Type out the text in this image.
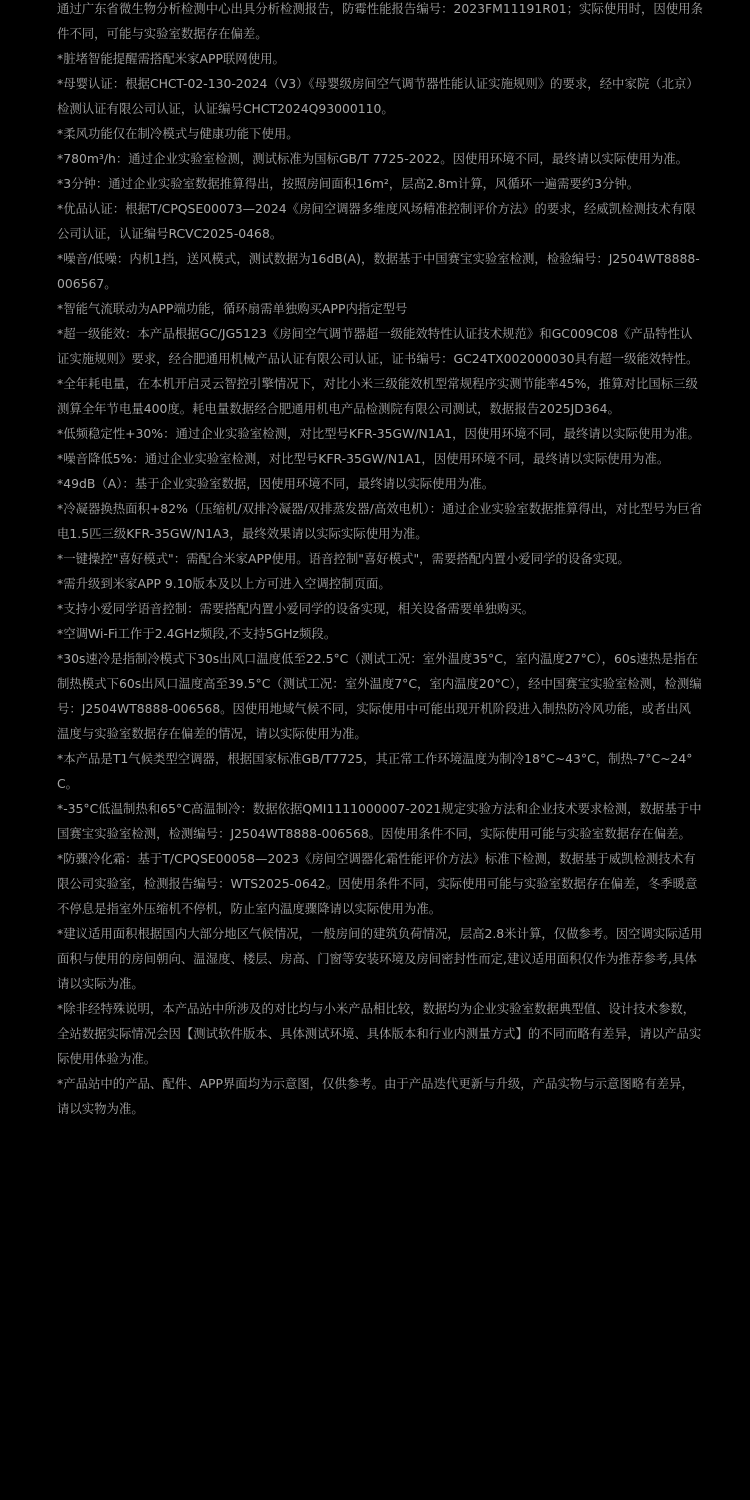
通过广东省微生物分析检测中心出具分析检测报告，防霉性能报告编号：2023FM11191R01；实际使用时，因使用条件不同，可能与实验室数据存在偏差。

*脏堵智能提醒需搭配米家APP联网使用。

*母婴认证：根据CHCT-02-130-2024（V3）《母婴级房间空气调节器性能认证实施规则》的要求，经中家院（北京）检测认证有限公司认证，认证编号CHCT2024Q93000110。

*柔风功能仅在制冷模式与健康功能下使用。

*780m³/h：通过企业实验室检测，测试标准为国标GB/T 7725-2022。因使用环境不同，最终请以实际使用为准。

*3分钟：通过企业实验室数据推算得出，按照房间面积16m²，层高2.8m计算，风循环一遍需要约3分钟。

*优品认证：根据T/CPQSE00073—2024《房间空调器多维度风场精准控制评价方法》的要求，经威凯检测技术有限公司认证，认证编号RCVC2025-0468。

*噪音/低噪：内机1挡，送风模式，测试数据为16dB(A)，数据基于中国赛宝实验室检测，检验编号：J2504WT8888-006567。

*智能气流联动为APP端功能，循环扇需单独购买APP内指定型号

*超一级能效：本产品根据GC/JG5123《房间空气调节器超一级能效特性认证技术规范》和GC009C08《产品特性认证实施规则》要求，经合肥通用机械产品认证有限公司认证，证书编号：GC24TX002000030具有超一级能效特性。

*全年耗电量，在本机开启灵云智控引擎情况下，对比小米三级能效机型常规程序实测节能率45%，推算对比国标三级测算全年节电量400度。耗电量数据经合肥通用机电产品检测院有限公司测试，数据报告2025JD364。

*低频稳定性+30%：通过企业实验室检测，对比型号KFR-35GW/N1A1，因使用环境不同，最终请以实际使用为准。

*噪音降低5%：通过企业实验室检测，对比型号KFR-35GW/N1A1，因使用环境不同，最终请以实际使用为准。

*49dB（A）：基于企业实验室数据，因使用环境不同，最终请以实际使用为准。

*冷凝器换热面积+82%（压缩机/双排冷凝器/双排蒸发器/高效电机）：通过企业实验室数据推算得出，对比型号为巨省电1.5匹三级KFR-35GW/N1A3，最终效果请以实际实际使用为准。

*一键操控"喜好模式"：需配合米家APP使用。语音控制"喜好模式"，需要搭配内置小爱同学的设备实现。

*需升级到米家APP 9.10版本及以上方可进入空调控制页面。

*支持小爱同学语音控制：需要搭配内置小爱同学的设备实现，相关设备需要单独购买。

*空调Wi-Fi工作于2.4GHz频段,不支持5GHz频段。

*30s速冷是指制冷模式下30s出风口温度低至22.5°C（测试工况：室外温度35°C，室内温度27°C），60s速热是指在制热模式下60s出风口温度高至39.5°C（测试工况：室外温度7°C，室内温度20°C），经中国赛宝实验室检测，检测编号：J2504WT8888-006568。因使用地域气候不同，实际使用中可能出现开机阶段进入制热防冷风功能，或者出风温度与实验室数据存在偏差的情况，请以实际使用为准。

*本产品是T1气候类型空调器，根据国家标准GB/T7725，其正常工作环境温度为制冷18°C~43°C，制热-7°C~24°C。

*-35°C低温制热和65°C高温制冷：数据依据QMI1111000007-2021规定实验方法和企业技术要求检测，数据基于中国赛宝实验室检测，检测编号：J2504WT8888-006568。因使用条件不同，实际使用可能与实验室数据存在偏差。

*防骤冷化霜：基于T/CPQSE00058—2023《房间空调器化霜性能评价方法》标准下检测，数据基于威凯检测技术有限公司实验室，检测报告编号：WTS2025-0642。因使用条件不同，实际使用可能与实验室数据存在偏差，冬季暖意不停息是指室外压缩机不停机，防止室内温度骤降请以实际使用为准。

*建议适用面积根据国内大部分地区气候情况，一般房间的建筑负荷情况，层高2.8米计算，仅做参考。因空调实际适用面积与使用的房间朝向、温湿度、楼层、房高、门窗等安装环境及房间密封性而定,建议适用面积仅作为推荐参考,具体请以实际为准。

*除非经特殊说明，本产品站中所涉及的对比均与小米产品相比较，数据均为企业实验室数据典型值、设计技术参数，全站数据实际情况会因【测试软件版本、具体测试环境、具体版本和行业内测量方式】的不同而略有差异，请以产品实际使用体验为准。

*产品站中的产品、配件、APP界面均为示意图，仅供参考。由于产品迭代更新与升级，产品实物与示意图略有差异，请以实物为准。
